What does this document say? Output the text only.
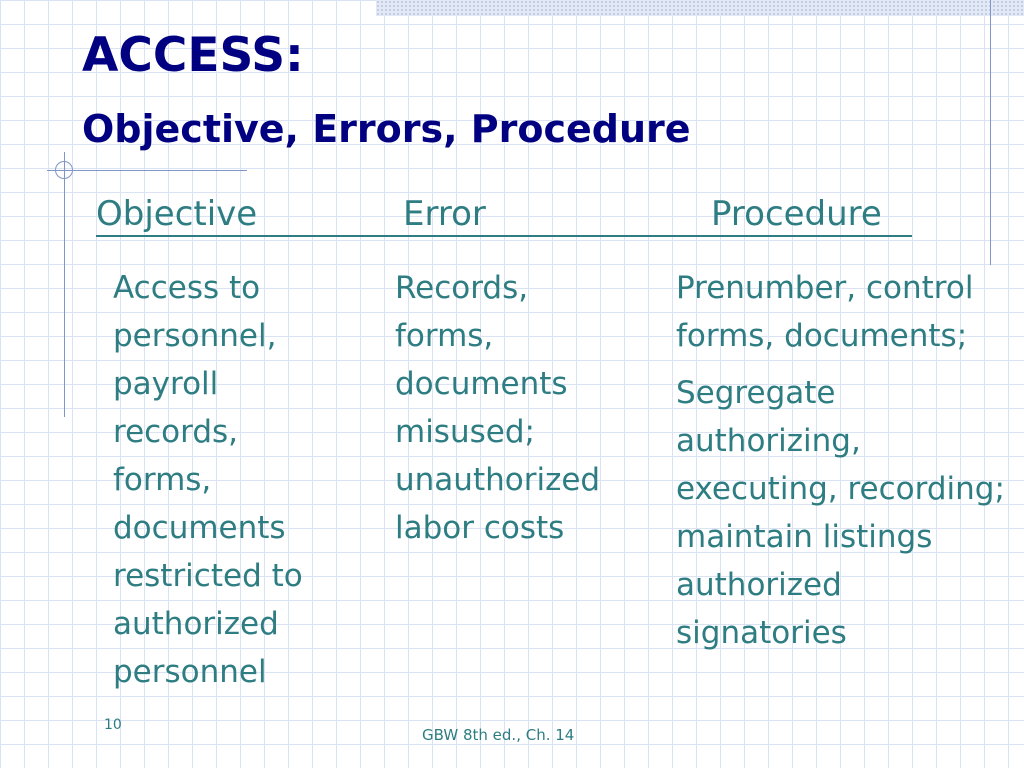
ACCESS:
Objective, Errors, Procedure
Objective	Error	Procedure

Access to
personnel,
payroll
records,
forms,
documents
restricted to
authorized
personnel

Records,
forms,
documents
misused;
unauthorized
labor costs

Prenumber, control
forms, documents;

Segregate
authorizing,
executing, recording;
maintain listings
authorized
signatories

10
GBW 8th ed., Ch. 14
